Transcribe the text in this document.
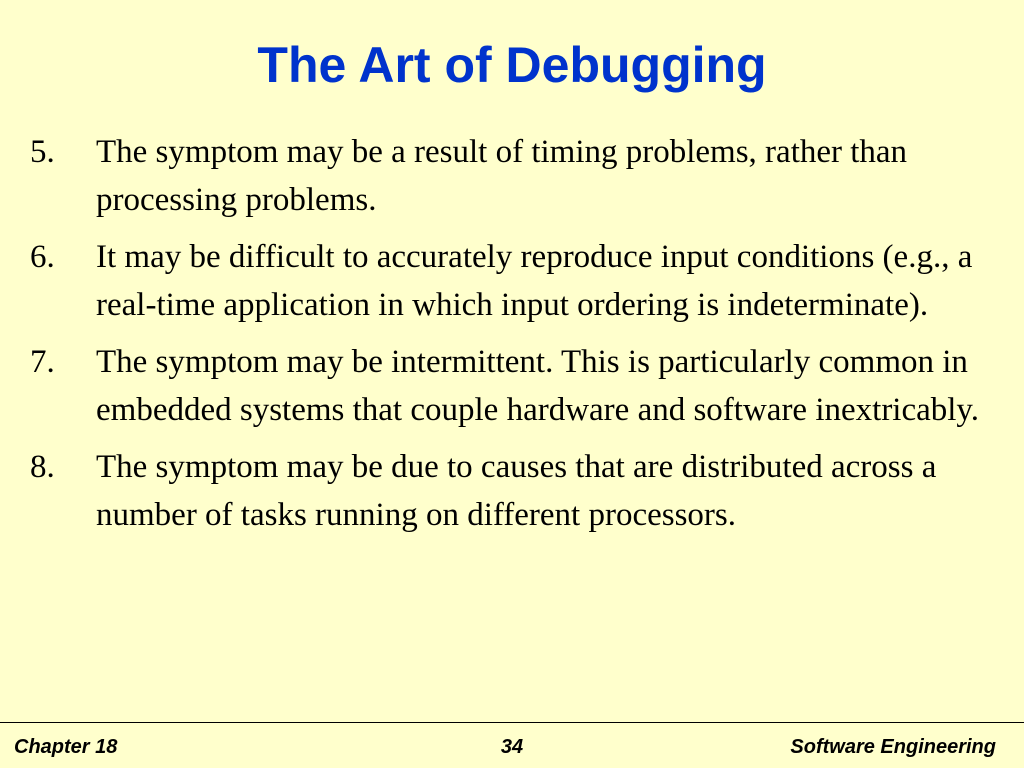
The Art of Debugging
5. The symptom may be a result of timing problems, rather than processing problems.
6. It may be difficult to accurately reproduce input conditions (e.g., a real-time application in which input ordering is indeterminate).
7. The symptom may be intermittent. This is particularly common in embedded systems that couple hardware and software inextricably.
8. The symptom may be due to causes that are distributed across a number of tasks running on different processors.
34
Chapter 18	Software Engineering
